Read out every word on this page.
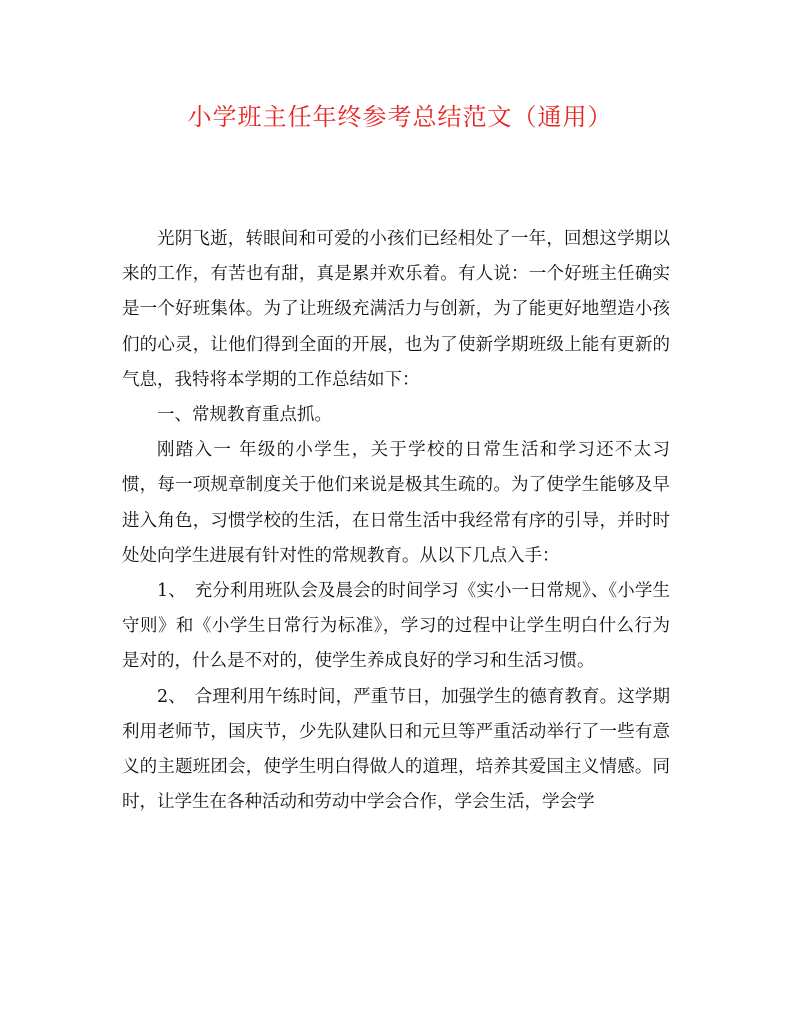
小学班主任年终参考总结范文（通用）

光阴飞逝，转眼间和可爱的小孩们已经相处了一年，回想这学期以来的工作，有苦也有甜，真是累并欢乐着。有人说：一个好班主任确实是一个好班集体。为了让班级充满活力与创新，为了能更好地塑造小孩们的心灵，让他们得到全面的开展，也为了使新学期班级上能有更新的气息，我特将本学期的工作总结如下：

一、常规教育重点抓。

刚踏入一 年级的小学生，关于学校的日常生活和学习还不太习惯，每一项规章制度关于他们来说是极其生疏的。为了使学生能够及早进入角色，习惯学校的生活，在日常生活中我经常有序的引导，并时时处处向学生进展有针对性的常规教育。从以下几点入手：

1、　充分利用班队会及晨会的时间学习《实小一日常规》、《小学生守则》和《小学生日常行为标准》，学习的过程中让学生明白什么行为是对的，什么是不对的，使学生养成良好的学习和生活习惯。

2、　合理利用午练时间，严重节日，加强学生的德育教育。这学期利用老师节，国庆节，少先队建队日和元旦等严重活动举行了一些有意义的主题班团会，使学生明白得做人的道理，培养其爱国主义情感。同时，让学生在各种活动和劳动中学会合作，学会生活，学会学
